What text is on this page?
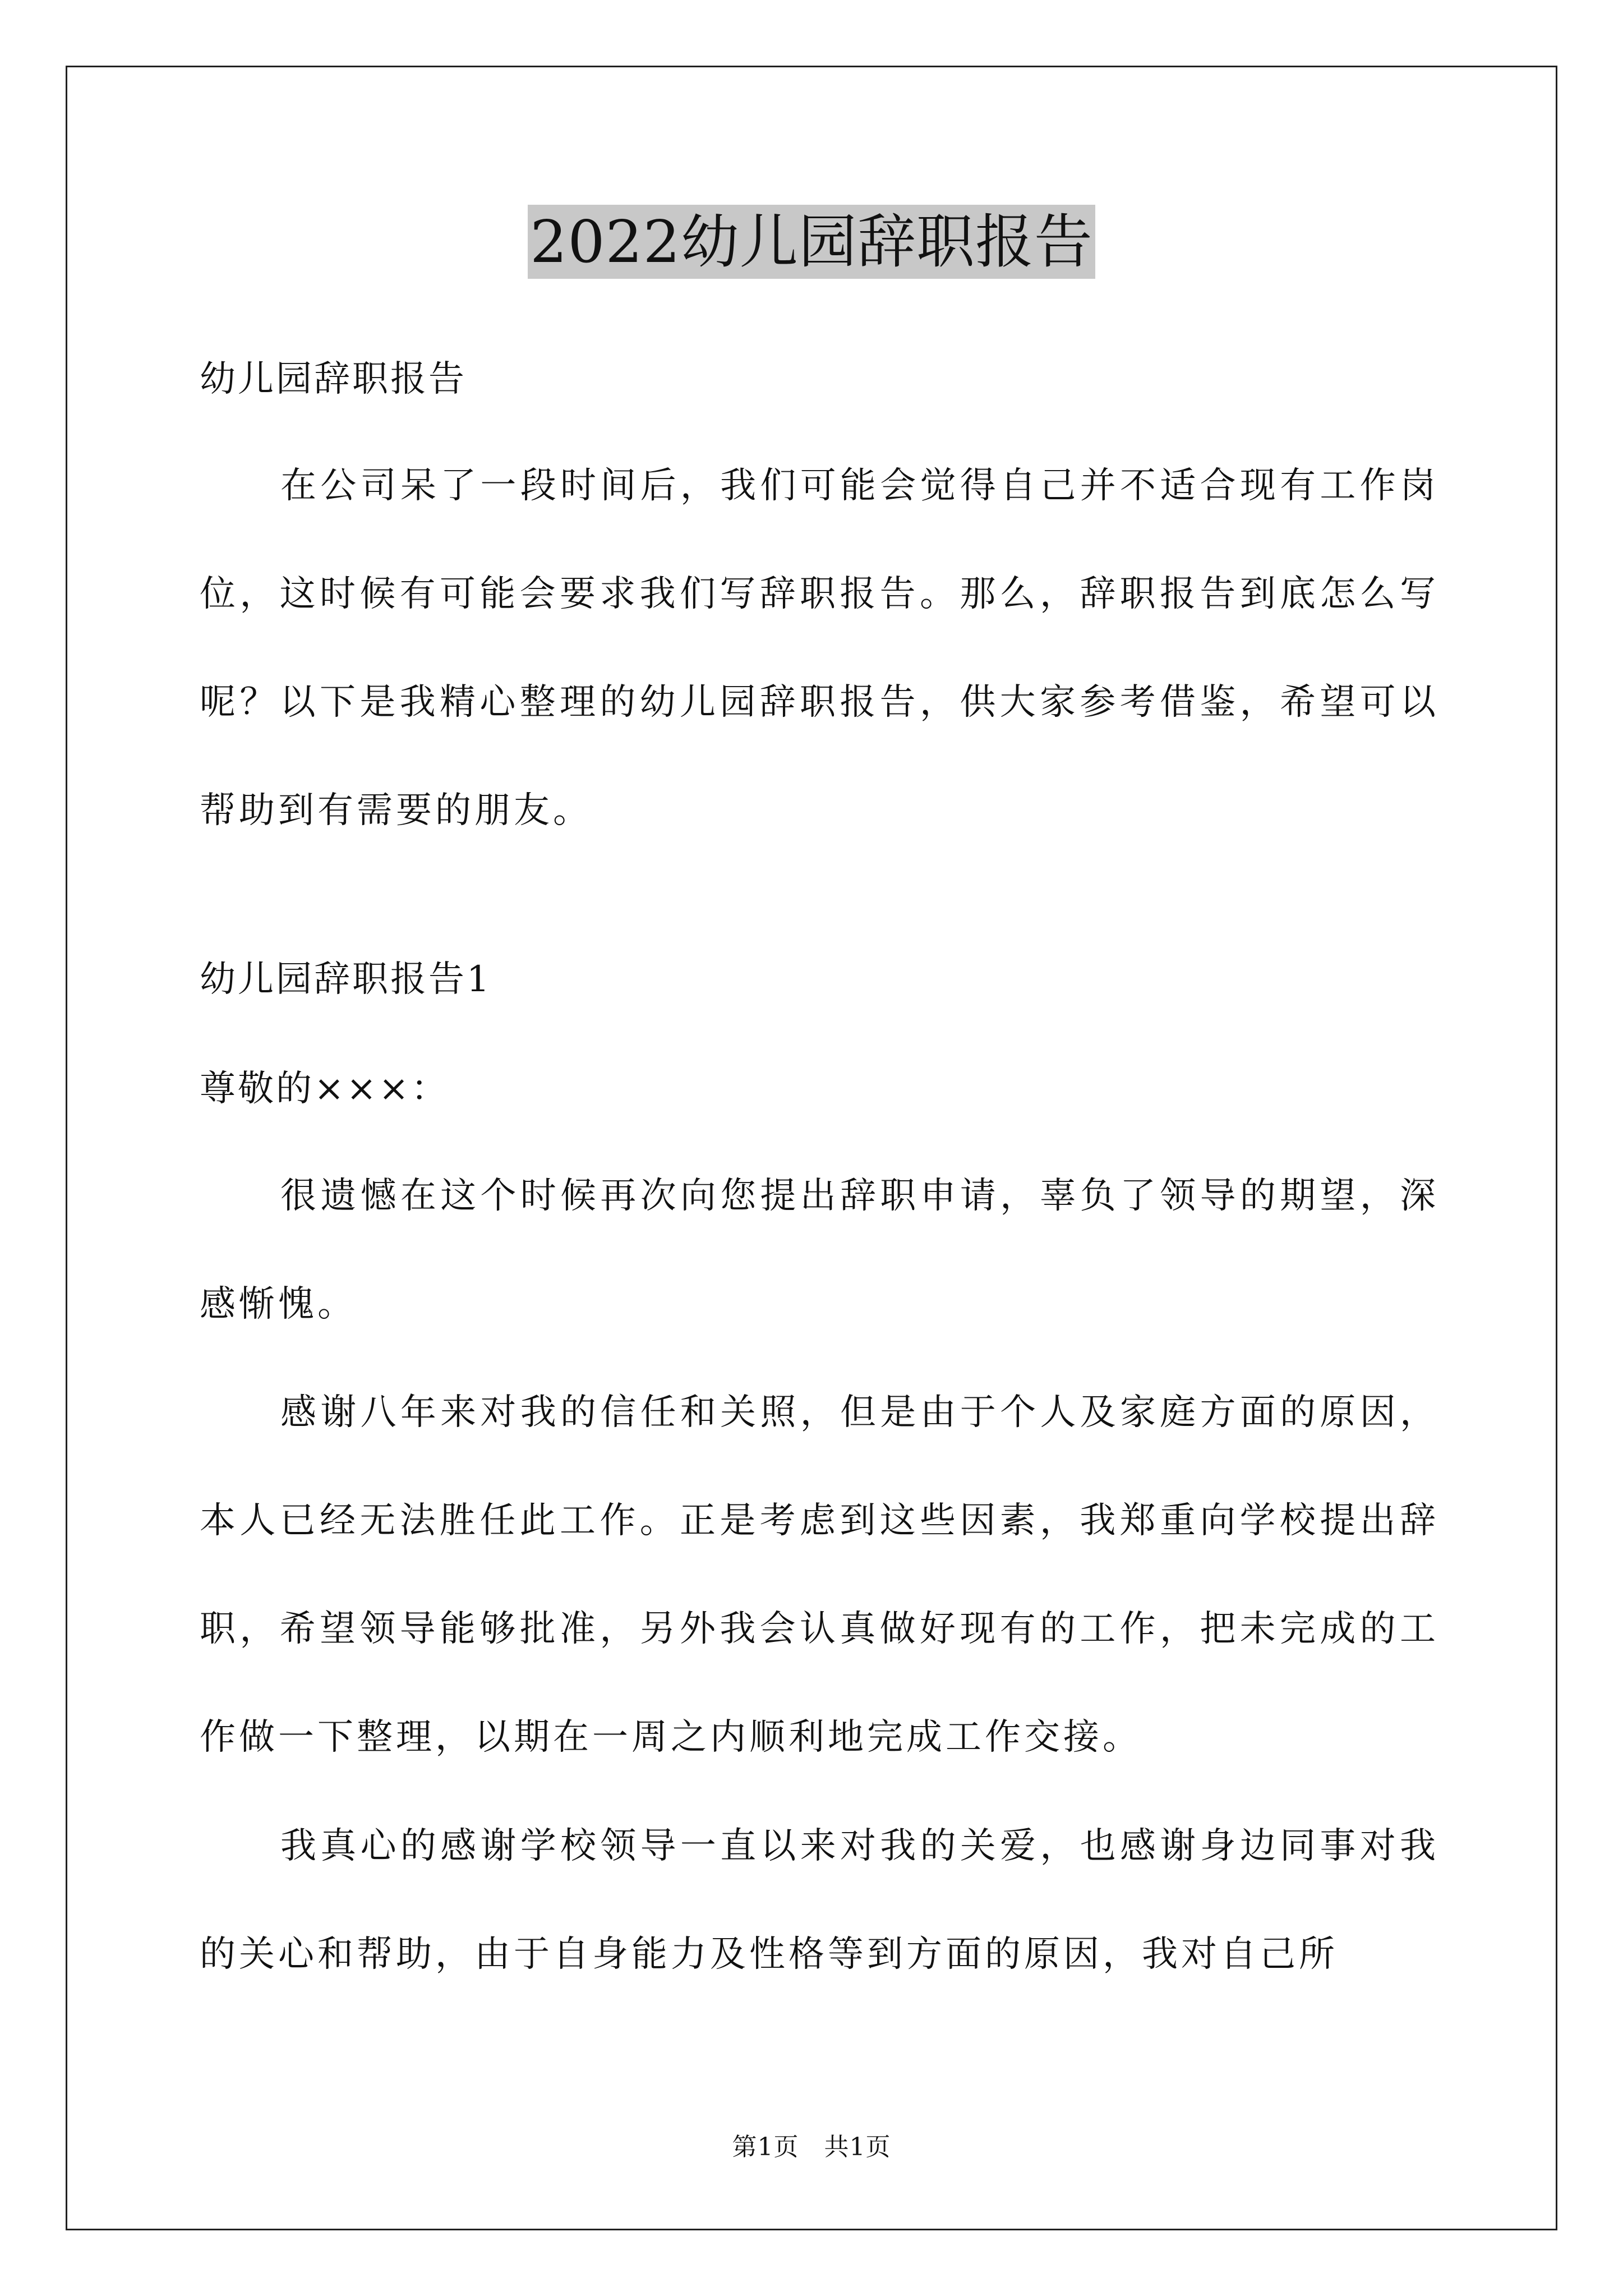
2022幼儿园辞职报告

幼儿园辞职报告

在公司呆了一段时间后，我们可能会觉得自己并不适合现有工作岗位，这时候有可能会要求我们写辞职报告。那么，辞职报告到底怎么写呢？以下是我精心整理的幼儿园辞职报告，供大家参考借鉴，希望可以帮助到有需要的朋友。

幼儿园辞职报告1

尊敬的×××：

很遗憾在这个时候再次向您提出辞职申请，辜负了领导的期望，深感惭愧。

感谢八年来对我的信任和关照，但是由于个人及家庭方面的原因，本人已经无法胜任此工作。正是考虑到这些因素，我郑重向学校提出辞职，希望领导能够批准，另外我会认真做好现有的工作，把未完成的工作做一下整理，以期在一周之内顺利地完成工作交接。

我真心的感谢学校领导一直以来对我的关爱，也感谢身边同事对我的关心和帮助，由于自身能力及性格等到方面的原因，我对自己所

第1页　共1页
